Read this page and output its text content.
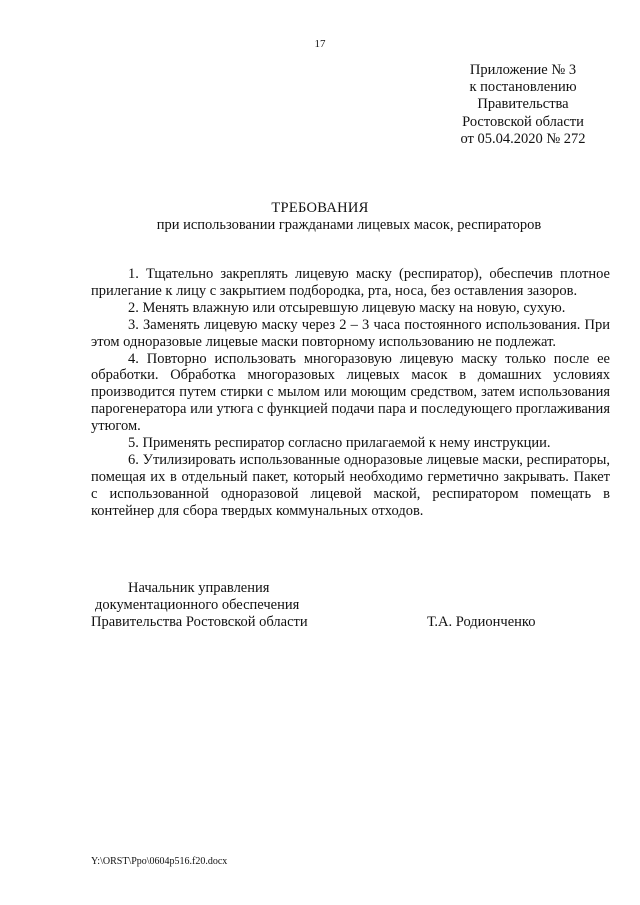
17
Приложение № 3
к постановлению
Правительства
Ростовской области
от 05.04.2020 № 272
ТРЕБОВАНИЯ
при использовании гражданами лицевых масок, респираторов

1. Тщательно закреплять лицевую маску (респиратор), обеспечив плотное прилегание к лицу с закрытием подбородка, рта, носа, без оставления зазоров.

2. Менять влажную или отсыревшую лицевую маску на новую, сухую.

3. Заменять лицевую маску через 2 – 3 часа постоянного использования. При этом одноразовые лицевые маски повторному использованию не подлежат.

4. Повторно использовать многоразовую лицевую маску только после ее обработки. Обработка многоразовых лицевых масок в домашних условиях производится путем стирки с мылом или моющим средством, затем использования парогенератора или утюга с функцией подачи пара и последующего проглаживания утюгом.

5. Применять респиратор согласно прилагаемой к нему инструкции.

6. Утилизировать использованные одноразовые лицевые маски, респираторы, помещая их в отдельный пакет, который необходимо герметично закрывать. Пакет с использованной одноразовой лицевой маской, респиратором помещать в контейнер для сбора твердых коммунальных отходов.

Начальник управления
документационного обеспечения
Правительства Ростовской области	Т.А. Родионченко
Y:\ORST\Ppo\0604p516.f20.docx
